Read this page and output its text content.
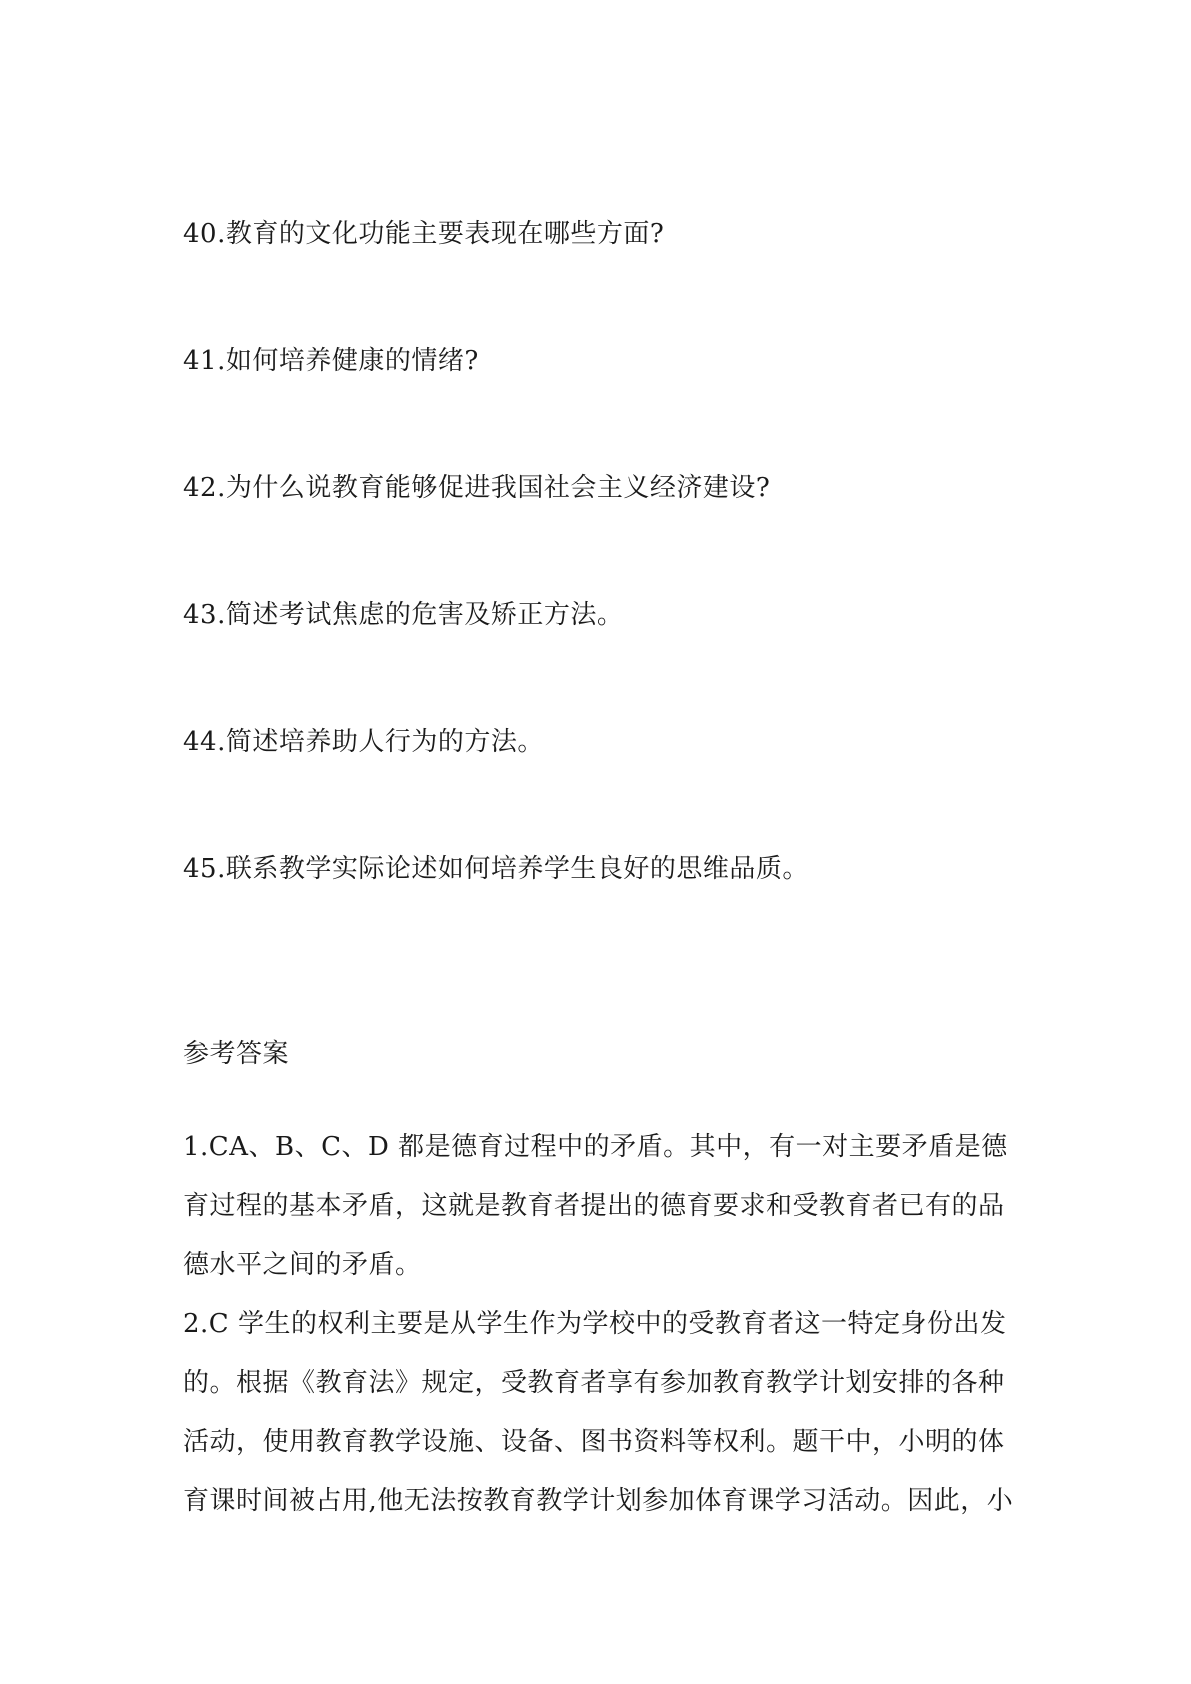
40.教育的文化功能主要表现在哪些方面?
41.如何培养健康的情绪?
42.为什么说教育能够促进我国社会主义经济建设?
43.简述考试焦虑的危害及矫正方法。
44.简述培养助人行为的方法。
45.联系教学实际论述如何培养学生良好的思维品质。
参考答案
1.CA、B、C、D 都是德育过程中的矛盾。其中，有一对主要矛盾是德
育过程的基本矛盾，这就是教育者提出的德育要求和受教育者已有的品
德水平之间的矛盾。
2.C 学生的权利主要是从学生作为学校中的受教育者这一特定身份出发
的。根据《教育法》规定，受教育者享有参加教育教学计划安排的各种
活动，使用教育教学设施、设备、图书资料等权利。题干中，小明的体
育课时间被占用,他无法按教育教学计划参加体育课学习活动。因此，小
